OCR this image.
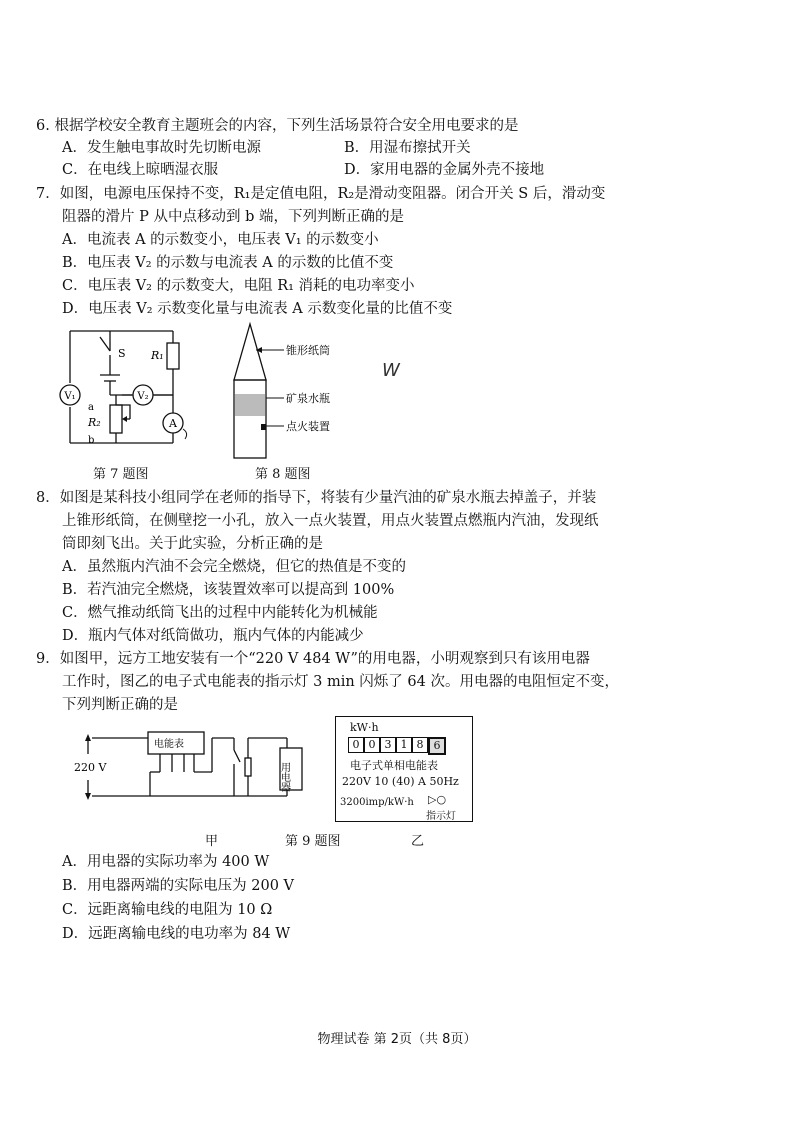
6. 根据学校安全教育主题班会的内容，下列生活场景符合安全用电要求的是
A．发生触电事故时先切断电源	B．用湿布擦拭开关
C．在电线上晾晒湿衣服	D．家用电器的金属外壳不接地
7．如图，电源电压保持不变，R₁是定值电阻，R₂是滑动变阻器。闭合开关 S 后，滑动变
阻器的滑片 P 从中点移动到 b 端，下列判断正确的是
A．电流表 A 的示数变小，电压表 V₁ 的示数变小
B．电压表 V₂ 的示数与电流表 A 的示数的比值不变
C．电压表 V₂ 的示数变大，电阻 R₁ 消耗的电功率变小
D．电压表 V₂ 示数变化量与电流表 A 示数变化量的比值不变
V₁	V₂
A
S R₁
R₂
a
b
第 7 题图
锥形纸筒
矿泉水瓶
点火装置
第 8 题图
W
8．如图是某科技小组同学在老师的指导下，将装有少量汽油的矿泉水瓶去掉盖子，并装
上锥形纸筒，在侧壁挖一小孔，放入一点火装置，用点火装置点燃瓶内汽油，发现纸
筒即刻飞出。关于此实验，分析正确的是
A．虽然瓶内汽油不会完全燃烧，但它的热值是不变的
B．若汽油完全燃烧，该装置效率可以提高到 100%
C．燃气推动纸筒飞出的过程中内能转化为机械能
D．瓶内气体对纸筒做功，瓶内气体的内能减少
9．如图甲，远方工地安装有一个“220 V 484 W”的用电器，小明观察到只有该用电器
工作时，图乙的电子式电能表的指示灯 3 min 闪烁了 64 次。用电器的电阻恒定不变，
下列判断正确的是
220 V
电能表
用电器
甲	第 9 题图	乙
kW·h
0 0 3 1 8 6
电子式单相电能表
220V 10 (40) A 50Hz
3200imp/kW·h ▷○
指示灯
A．用电器的实际功率为 400 W
B．用电器两端的实际电压为 200 V
C．远距离输电线的电阻为 10 Ω
D．远距离输电线的电功率为 84 W
物理试卷 第 2页（共 8页）
